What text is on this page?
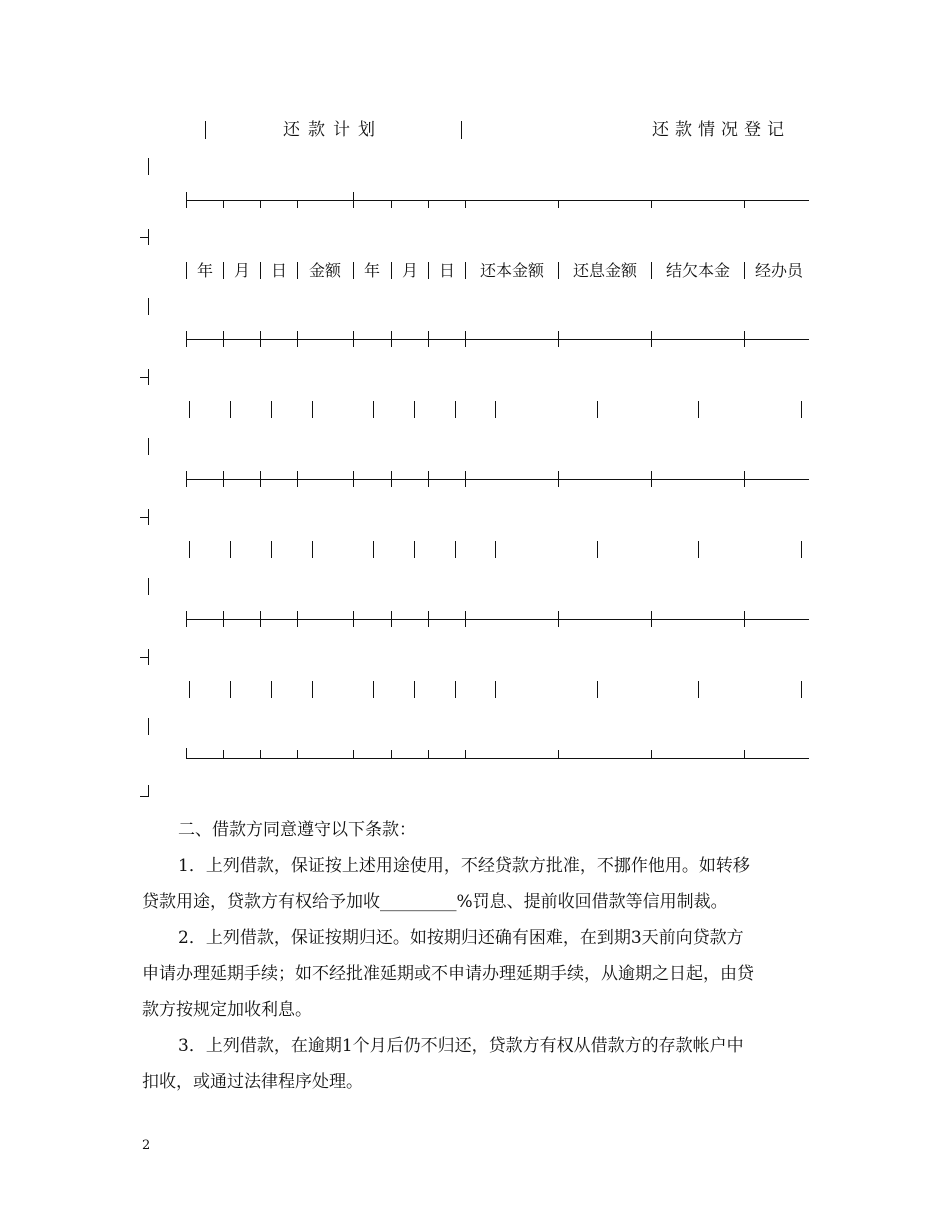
还款计划	还款情况登记
年	月	日	金额	年	月	日	还本金额	还息金额	结欠本金	经办员
二、借款方同意遵守以下条款：
1．上列借款，保证按上述用途使用，不经贷款方批准，不挪作他用。如转移
贷款用途，贷款方有权给予加收_________%罚息、提前收回借款等信用制裁。
2．上列借款，保证按期归还。如按期归还确有困难，在到期3天前向贷款方
申请办理延期手续；如不经批准延期或不申请办理延期手续，从逾期之日起，由贷
款方按规定加收利息。
3．上列借款，在逾期1个月后仍不归还，贷款方有权从借款方的存款帐户中
扣收，或通过法律程序处理。
2
